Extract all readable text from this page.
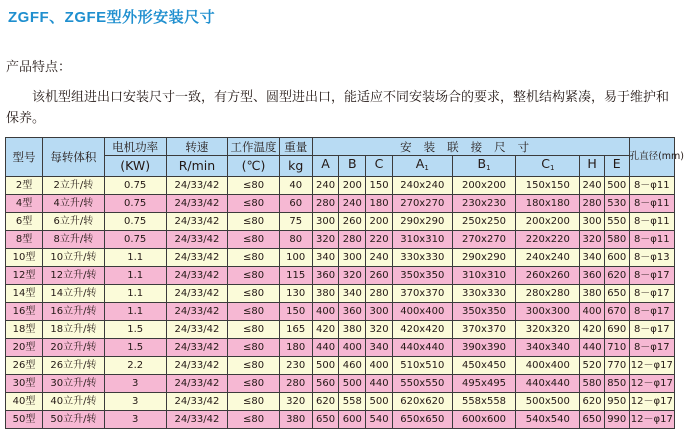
ZGFF、ZGFE型外形安装尺寸
产品特点：
该机型组进出口安装尺寸一致，有方型、圆型进出口，能适应不同安装场合的要求，整机结构紧凑，易于维护和保养。
型号	每转体积	电机功率	转速	工作温度	重量	安装联接尺寸								孔直径(mm)
		(KW)	R/min	(℃)	kg	A	B	C	$A_1$	$B_1$	$C_1$	H	E	
2型	2立升/转	0.75	24/33/42	≤80	40	240	200	150	240x240	200x200	150x150	240	500	8－φ11
4型	4立升/转	0.75	24/33/42	≤80	60	280	240	180	270x270	230x230	180x180	280	530	8－φ11
6型	6立升/转	0.75	24/33/42	≤80	75	300	260	200	290x290	250x250	200x200	300	550	8－φ11
8型	8立升/转	0.75	24/33/42	≤80	80	320	280	220	310x310	270x270	220x220	320	580	8－φ11
10型	10立升/转	1.1	24/33/42	≤80	100	340	300	240	330x330	290x290	240x240	340	600	8－φ13
12型	12立升/转	1.1	24/33/42	≤80	115	360	320	260	350x350	310x310	260x260	360	620	8－φ17
14型	14立升/转	1.1	24/33/42	≤80	130	380	340	280	370x370	330x330	280x280	380	650	8－φ17
16型	16立升/转	1.1	24/33/42	≤80	150	400	360	300	400x400	350x350	300x300	400	670	8－φ17
18型	18立升/转	1.5	24/33/42	≤80	165	420	380	320	420x420	370x370	320x320	420	690	8－φ17
20型	20立升/转	1.5	24/33/42	≤80	180	440	400	340	440x440	390x390	340x340	440	710	8－φ17
26型	26立升/转	2.2	24/33/42	≤80	230	500	460	400	510x510	450x450	400x400	520	770	12－φ17
30型	30立升/转	3	24/33/42	≤80	280	560	500	440	550x550	495x495	440x440	580	850	12－φ17
40型	40立升/转	3	24/33/42	≤80	320	620	558	500	620x620	558x558	500x500	620	950	12－φ17
50型	50立升/转	3	24/33/42	≤80	380	650	600	540	650x650	600x600	540x540	650	990	12－φ17
